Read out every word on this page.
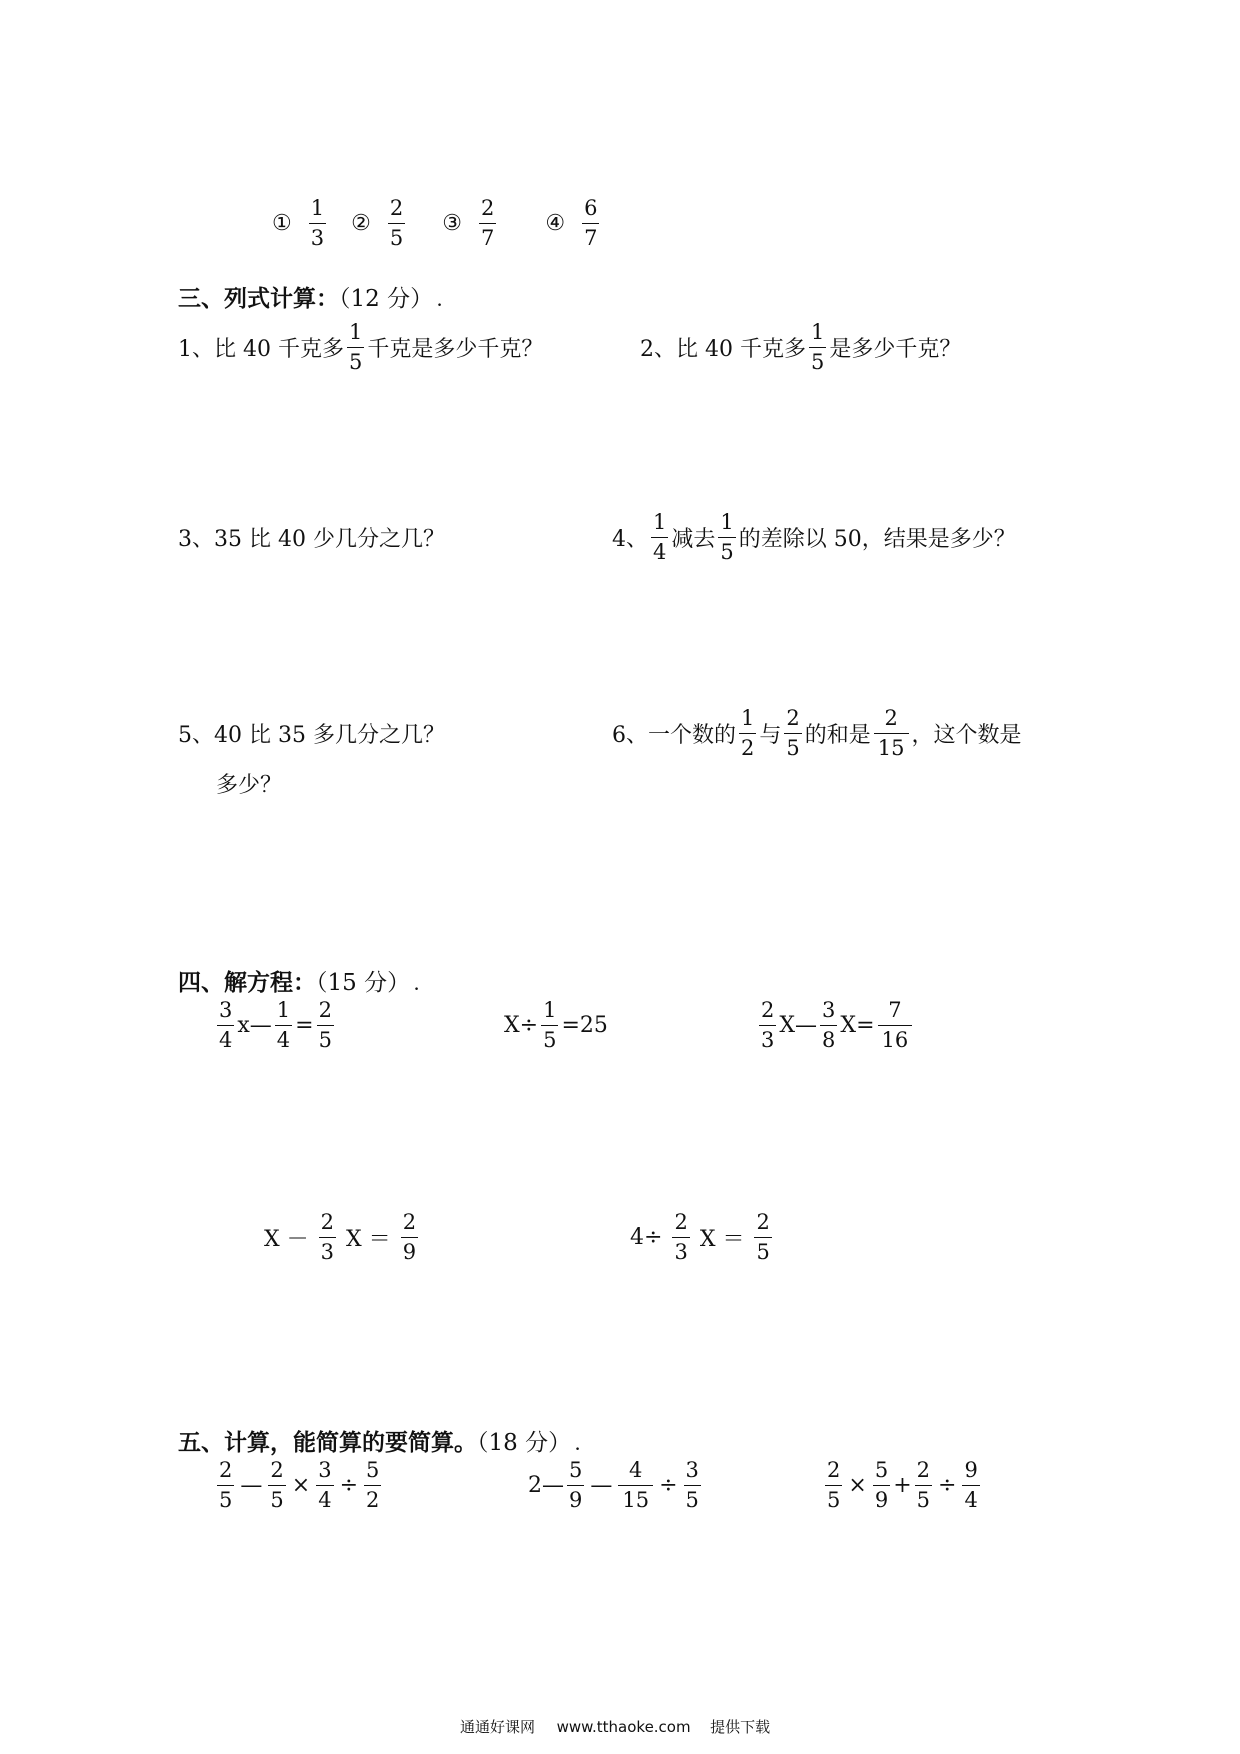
① $\frac{1}{3}$ ② $\frac{2}{5}$ ③ $\frac{2}{7}$ ④ $\frac{6}{7}$
三、列式计算：（12 分） .
1、比 40 千克多 $\frac{1}{5}$ 千克是多少千克？	2、比 40 千克多 $\frac{1}{5}$ 是多少千克？
3、35 比 40 少几分之几？	4、 $\frac{1}{4}$ 减去 $\frac{1}{5}$ 的差除以 50，结果是多少？
5、40 比 35 多几分之几？
多少？
6、一个数的 $\frac{1}{2}$ 与 $\frac{2}{5}$ 的和是 $\frac{2}{15}$ ，这个数是
四、解方程：（15 分） .
$\frac{3}{4}$ x— $\frac{1}{4} = \frac{2}{5}$	$X\div \frac{1}{5} =25$	$\frac{2}{3}$ X— $\frac{3}{8} X= \frac{7}{16}$
$X - \frac{2}{3}$ $X = \frac{2}{9}$	$4\div \frac{2}{3}$ $X = \frac{2}{5}$
五、计算，能简算的要简算。（18 分） .
$\frac{2}{5}$ — $\frac{2}{5} \times \frac{3}{4} \div \frac{5}{2}$	2— $\frac{5}{9}$ — $\frac{4}{15} \div \frac{3}{5}$	$\frac{2}{5} \times \frac{5}{9} + \frac{2}{5} \div \frac{9}{4}$
通通好课网 www.tthaoke.com 提供下载
